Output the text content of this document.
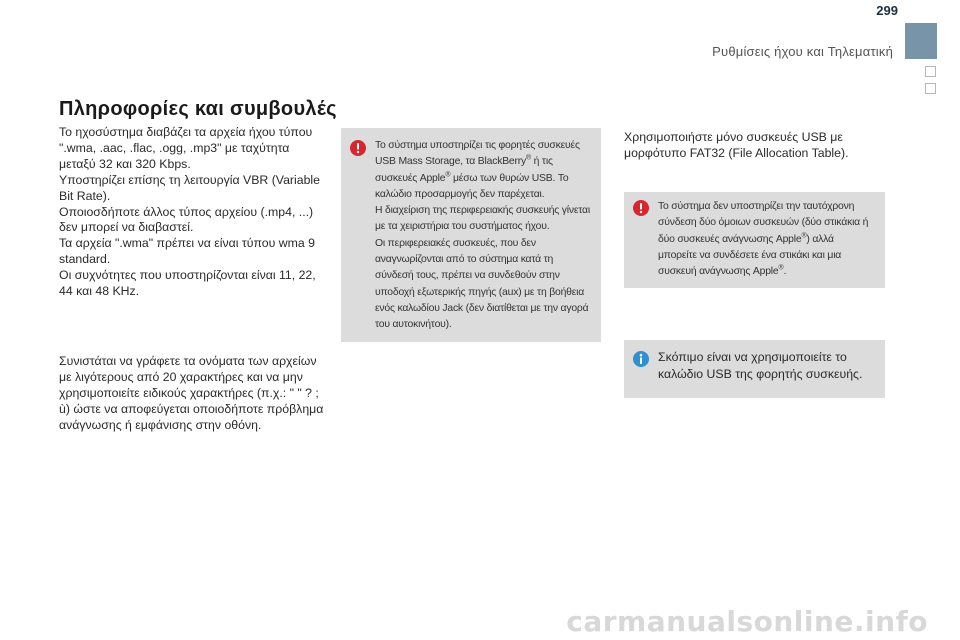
299
Ρυθμίσεις ήχου και Τηλεματική
Πληροφορίες και συμβουλές

Το ηχοσύστημα διαβάζει τα αρχεία ήχου τύπου ".wma, .aac, .flac, .ogg, .mp3" με ταχύτητα μεταξύ 32 και 320 Kbps.

Υποστηρίζει επίσης τη λειτουργία VBR (Variable Bit Rate).

Οποιοσδήποτε άλλος τύπος αρχείου (.mp4, ...) δεν μπορεί να διαβαστεί.

Τα αρχεία ".wma" πρέπει να είναι τύπου wma 9 standard.

Οι συχνότητες που υποστηρίζονται είναι 11, 22, 44 και 48 KHz.

Συνιστάται να γράφετε τα ονόματα των αρχείων με λιγότερους από 20 χαρακτήρες και να μην χρησιμοποιείτε ειδικούς χαρακτήρες (π.χ.: " " ? ; ù) ώστε να αποφεύγεται οποιοδήποτε πρόβλημα ανάγνωσης ή εμφάνισης στην οθόνη.

Το σύστημα υποστηρίζει τις φορητές συσκευές USB Mass Storage, τα BlackBerry® ή τις συσκευές Apple® μέσω των θυρών USB. Το καλώδιο προσαρμογής δεν παρέχεται.
Η διαχείριση της περιφερειακής συσκευής γίνεται με τα χειριστήρια του συστήματος ήχου.
Οι περιφερειακές συσκευές, που δεν αναγνωρίζονται από το σύστημα κατά τη σύνδεσή τους, πρέπει να συνδεθούν στην υποδοχή εξωτερικής πηγής (aux) με τη βοήθεια ενός καλωδίου Jack (δεν διατίθεται με την αγορά του αυτοκινήτου).

Χρησιμοποιήστε μόνο συσκευές USB με μορφότυπο FAT32 (File Allocation Table).

Το σύστημα δεν υποστηρίζει την ταυτόχρονη σύνδεση δύο όμοιων συσκευών (δύο στικάκια ή δύο συσκευές ανάγνωσης Apple®) αλλά μπορείτε να συνδέσετε ένα στικάκι και μια συσκευή ανάγνωσης Apple®.
Σκόπιμο είναι να χρησιμοποιείτε το καλώδιο USB της φορητής συσκευής.
carmanualsonline.info
